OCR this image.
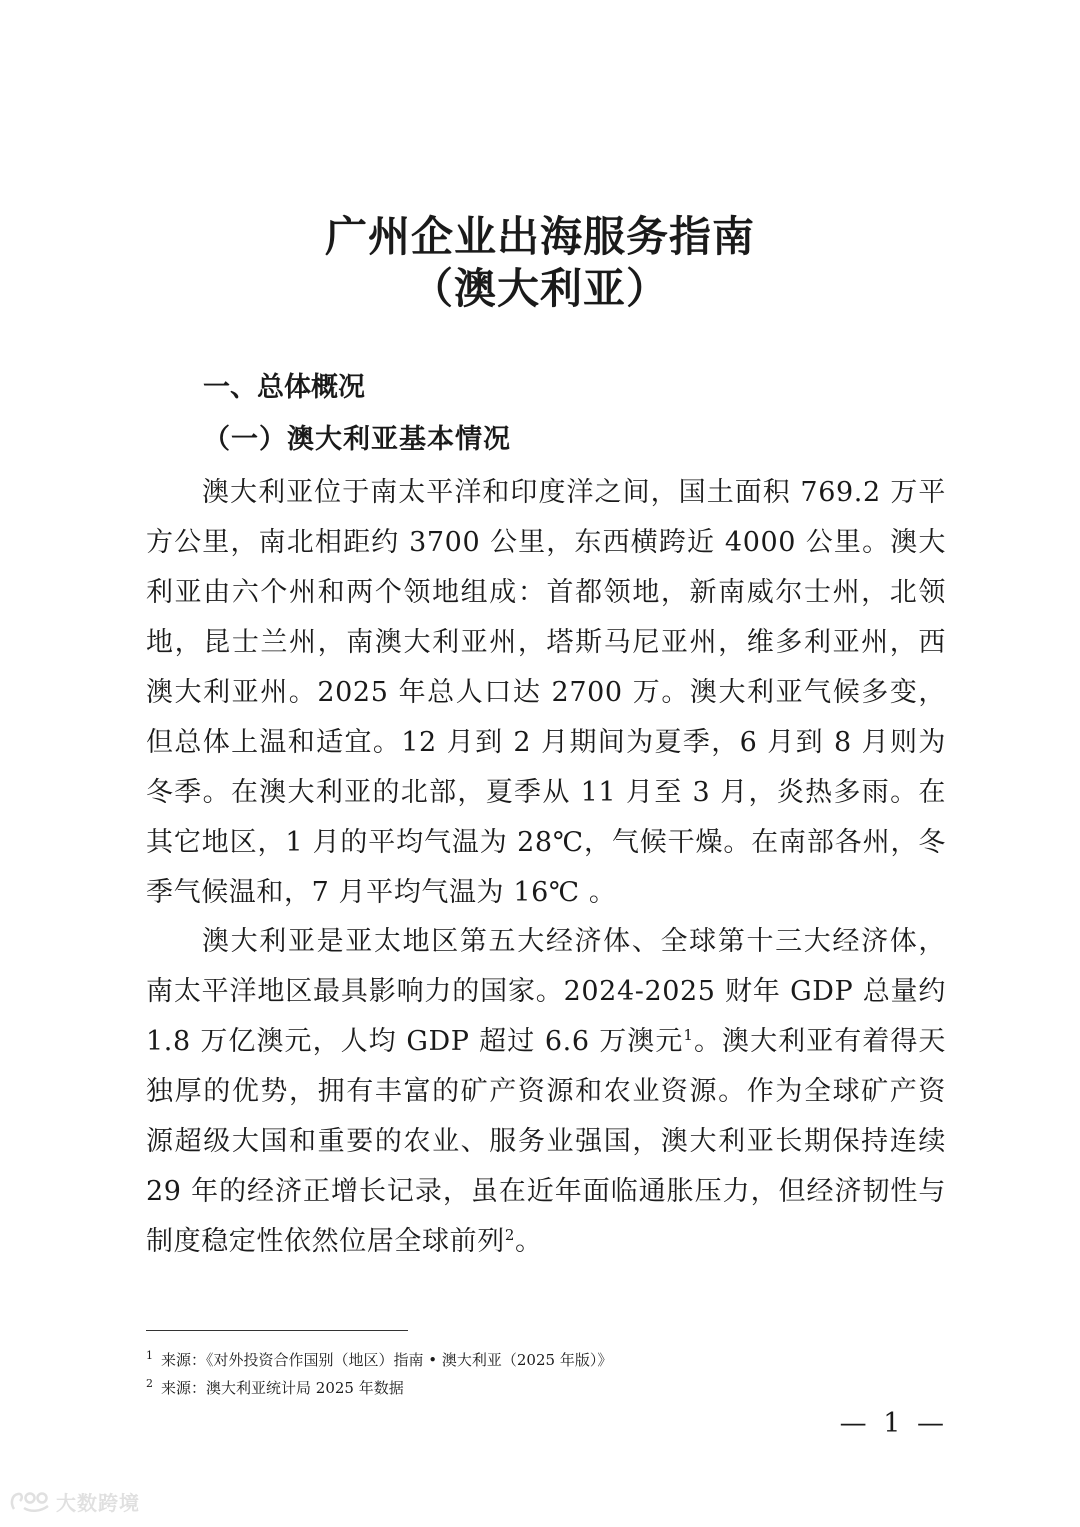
广州企业出海服务指南
（澳大利亚）
一、总体概况
（一）澳大利亚基本情况

澳大利亚位于南太平洋和印度洋之间，国土面积 769.2 万平方公里，南北相距约 3700 公里，东西横跨近 4000 公里。澳大利亚由六个州和两个领地组成：首都领地，新南威尔士州，北领地，昆士兰州，南澳大利亚州，塔斯马尼亚州，维多利亚州，西澳大利亚州。2025 年总人口达 2700 万。澳大利亚气候多变，但总体上温和适宜。12 月到 2 月期间为夏季，6 月到 8 月则为冬季。在澳大利亚的北部，夏季从 11 月至 3 月，炎热多雨。在其它地区，1 月的平均气温为 28℃，气候干燥。在南部各州，冬季气候温和，7 月平均气温为 16℃ 。

澳大利亚是亚太地区第五大经济体、全球第十三大经济体，南太平洋地区最具影响力的国家。2024-2025 财年 GDP 总量约 1.8 万亿澳元，人均 GDP 超过 6.6 万澳元$^1$。澳大利亚有着得天独厚的优势，拥有丰富的矿产资源和农业资源。作为全球矿产资源超级大国和重要的农业、服务业强国，澳大利亚长期保持连续 29 年的经济正增长记录，虽在近年面临通胀压力，但经济韧性与制度稳定性依然位居全球前列$^2$。

$^1$ 来源：《对外投资合作国别（地区）指南 • 澳大利亚（2025 年版）》

$^2$ 来源：澳大利亚统计局 2025 年数据

— 1 —
大数跨境
